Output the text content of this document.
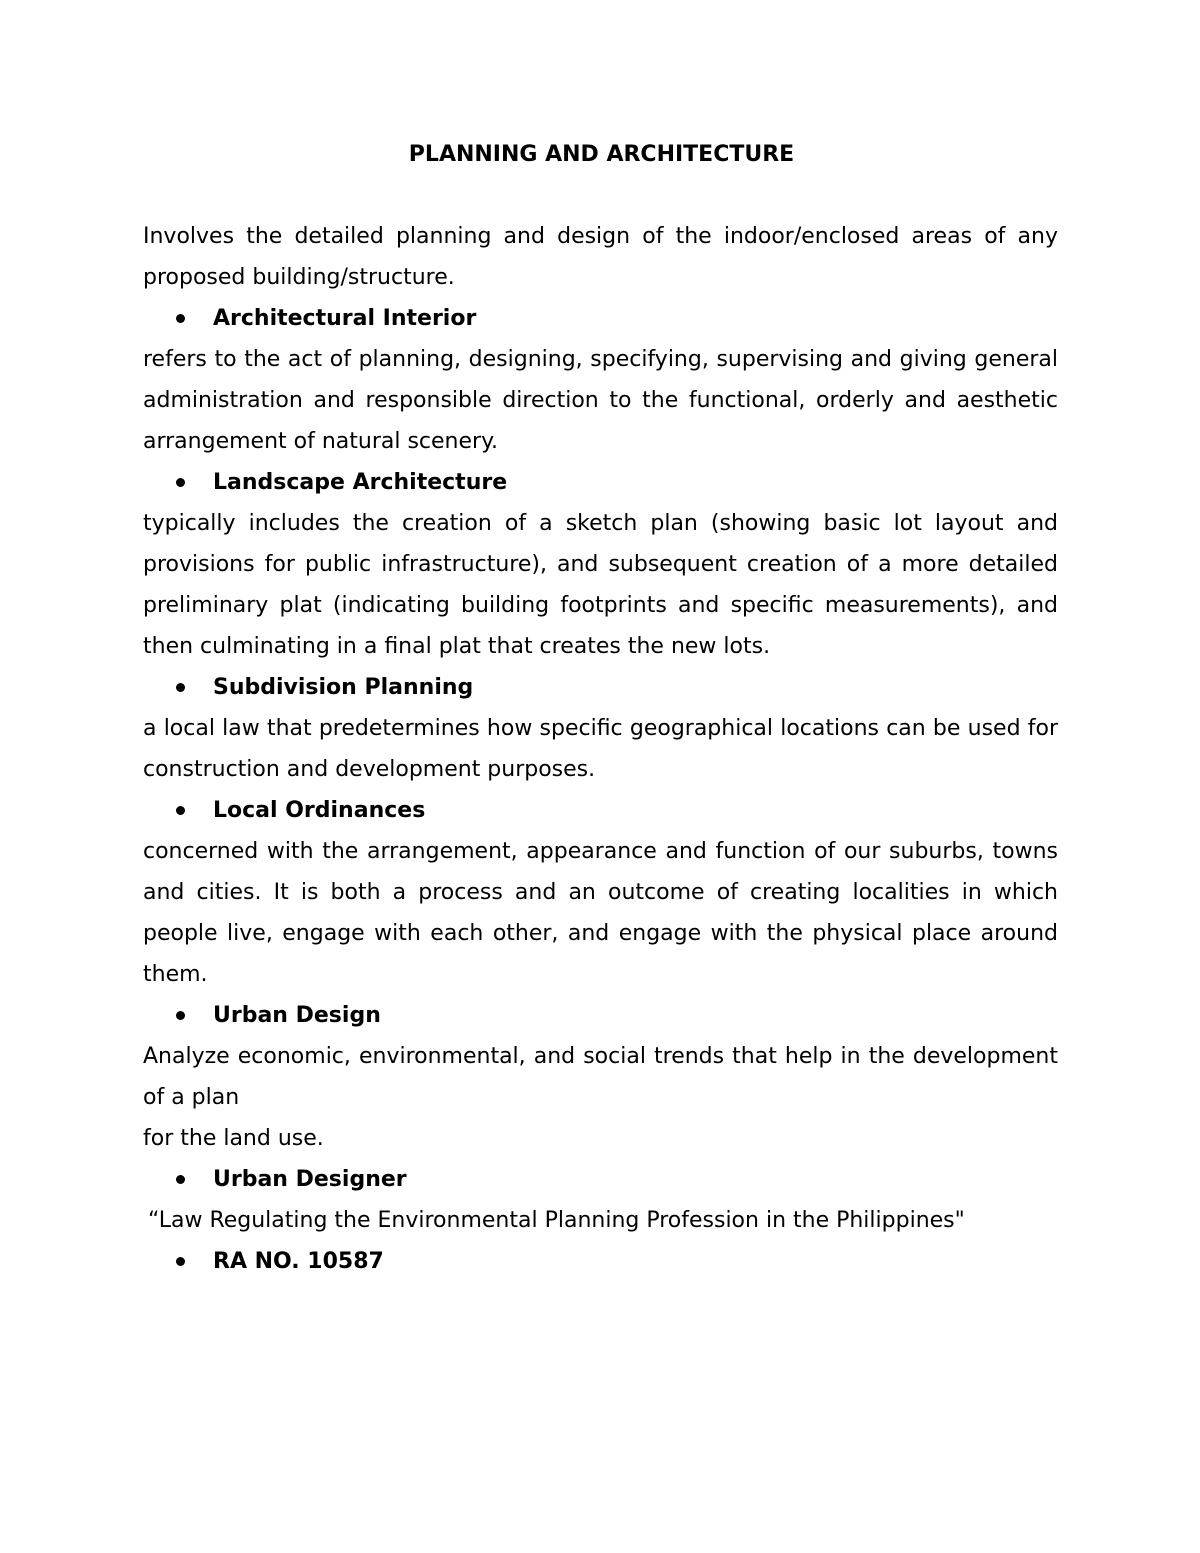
PLANNING AND ARCHITECTURE

Involves the detailed planning and design of the indoor/enclosed areas of any proposed building/structure.

Architectural Interior

refers to the act of planning, designing, specifying, supervising and giving general administration and responsible direction to the functional, orderly and aesthetic arrangement of natural scenery.

Landscape Architecture

typically includes the creation of a sketch plan (showing basic lot layout and provisions for public infrastructure), and subsequent creation of a more detailed preliminary plat (indicating building footprints and specific measurements), and then culminating in a final plat that creates the new lots.

Subdivision Planning

a local law that predetermines how specific geographical locations can be used for construction and development purposes.

Local Ordinances

concerned with the arrangement, appearance and function of our suburbs, towns and cities. It is both a process and an outcome of creating localities in which people live, engage with each other, and engage with the physical place around them.

Urban Design

Analyze economic, environmental, and social trends that help in the development of a plan

for the land use.

Urban Designer

“Law Regulating the Environmental Planning Profession in the Philippines"

RA NO. 10587
